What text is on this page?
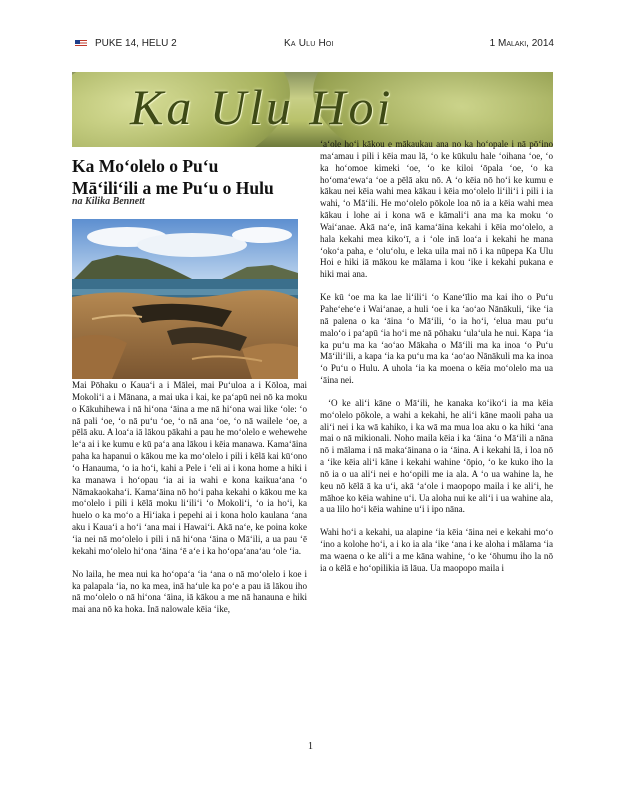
PUKE 14, HELU 2	Ka Ulu Hoi	1 Malaki, 2014
Ka Ulu Hoi
Ka Moʻolelo o Puʻu
Māʻiliʻili a me Puʻu o Hulu
na Kilika Bennett

Mai Pōhaku o Kauaʻi a i Mālei, mai Puʻuloa a i Kōloa, mai Mokoliʻi a i Mānana, a mai uka i kai, ke paʻapū nei nō ka moku o Kākuhihewa i nā hiʻona ʻāina a me nā hiʻona wai like ʻole: ʻo nā pali ʻoe, ʻo nā puʻu ʻoe, ʻo nā ana ʻoe, ʻo nā wailele ʻoe, a pēlā aku. A loaʻa iā lākou pākahi a pau he moʻolelo e wehewehe leʻa ai i ke kumu e kū paʻa ana lākou i kēia manawa. Kamaʻāina paha ka hapanui o kākou me ka moʻolelo i pili i kēlā kai kūʻono ʻo Hanauma, ʻo ia hoʻi, kahi a Pele i ʻeli ai i kona home a hiki i ka manawa i hoʻopau ʻia ai ia wahi e kona kaikuaʻana ʻo Nāmakaokahaʻi. Kamaʻāina nō hoʻi paha kekahi o kākou me ka moʻolelo i pili i kēlā moku liʻiliʻi ʻo Mokoliʻi, ʻo ia hoʻi, ka huelo o ka moʻo a Hiʻiaka i pepehi ai i kona holo kaulana ʻana aku i Kauaʻi a hoʻi ʻana mai i Hawaiʻi. Akā naʻe, ke poina koke ʻia nei nā moʻolelo i pili i nā hiʻona ʻāina o Māʻili, a ua pau ʻē kekahi moʻolelo hiʻona ʻāina ʻē aʻe i ka hoʻopaʻanaʻau ʻole ʻia.

No laila, he mea nui ka hoʻopaʻa ʻia ʻana o nā moʻolelo i koe i ka palapala ʻia, no ka mea, inā haʻule ka poʻe a pau iā lākou iho nā moʻolelo o nā hiʻona ʻāina, iā kākou a me nā hanauna e hiki mai ana nō ka hoka. Inā nalowale kēia ʻike,

ʻaʻole hoʻi kākou e mākaukau ana no ka hoʻopale i nā pōʻino maʻamau i pili i kēia mau lā, ʻo ke kūkulu hale ʻoihana ʻoe, ʻo ka hoʻomoe kimeki ʻoe, ʻo ke kiloi ʻōpala ʻoe, ʻo ka hoʻomaʻewaʻa ʻoe a pēlā aku nō. A ʻo kēia nō hoʻi ke kumu e kākau nei kēia wahi mea kākau i kēia moʻolelo liʻiliʻi i pili i ia wahi, ʻo Māʻili. He moʻolelo pōkole loa nō ia a kēia wahi mea kākau i lohe ai i kona wā e kāmaliʻi ana ma ka moku ʻo Waiʻanae. Akā naʻe, inā kamaʻāina kekahi i kēia moʻolelo, a hala kekahi mea kikoʻī, a i ʻole inā loaʻa i kekahi he mana ʻokoʻa paha, e ʻoluʻolu, e leka uila mai nō i ka nūpepa Ka Ulu Hoi e hiki iā mākou ke mālama i kou ʻike i kekahi pukana e hiki mai ana.

Ke kū ʻoe ma ka lae liʻiliʻi ʻo Kaneʻīlio ma kai iho o Puʻu Paheʻeheʻe i Waiʻanae, a huli ʻoe i ka ʻaoʻao Nānākuli, ʻike ʻia nā palena o ka ʻāina ʻo Māʻili, ʻo ia hoʻi, ʻelua mau puʻu maloʻo i paʻapū ʻia hoʻi me nā pōhaku ʻulaʻula he nui. Kapa ʻia ka puʻu ma ka ʻaoʻao Mākaha o Māʻili ma ka inoa ʻo Puʻu Māʻiliʻili, a kapa ʻia ka puʻu ma ka ʻaoʻao Nānākuli ma ka inoa ʻo Puʻu o Hulu. A uhola ʻia ka moena o kēia moʻolelo ma ua ʻāina nei.

ʻO ke aliʻi kāne o Māʻili, he kanaka koʻikoʻi ia ma kēia moʻolelo pōkole, a wahi a kekahi, he aliʻi kāne maoli paha ua aliʻi nei i ka wā kahiko, i ka wā ma mua loa aku o ka hiki ʻana mai o nā mikionali. Noho maila kēia i ka ʻāina ʻo Māʻili a nāna nō i mālama i nā makaʻāinana o ia ʻāina. A i kekahi lā, i loa nō a ʻike kēia aliʻi kāne i kekahi wahine ʻōpio, ʻo ke kuko iho la nō ia o ua aliʻi nei e hoʻopili me ia ala. A ʻo ua wahine la, he keu nō kēlā ā ka uʻi, akā ʻaʻole i maopopo maila i ke aliʻi, he māhoe ko kēia wahine uʻi. Ua aloha nui ke aliʻi i ua wahine ala, a ua lilo hoʻi kēia wahine uʻi i ipo nāna.

Wahi hoʻi a kekahi, ua alapine ʻia kēia ʻāina nei e kekahi moʻo ʻino a kolohe hoʻi, a i ko ia ala ʻike ʻana i ke aloha i mālama ʻia ma waena o ke aliʻi a me kāna wahine, ʻo ke ʻōhumu iho la nō ia o kēlā e hoʻopilikia iā lāua. Ua maopopo maila i

1
